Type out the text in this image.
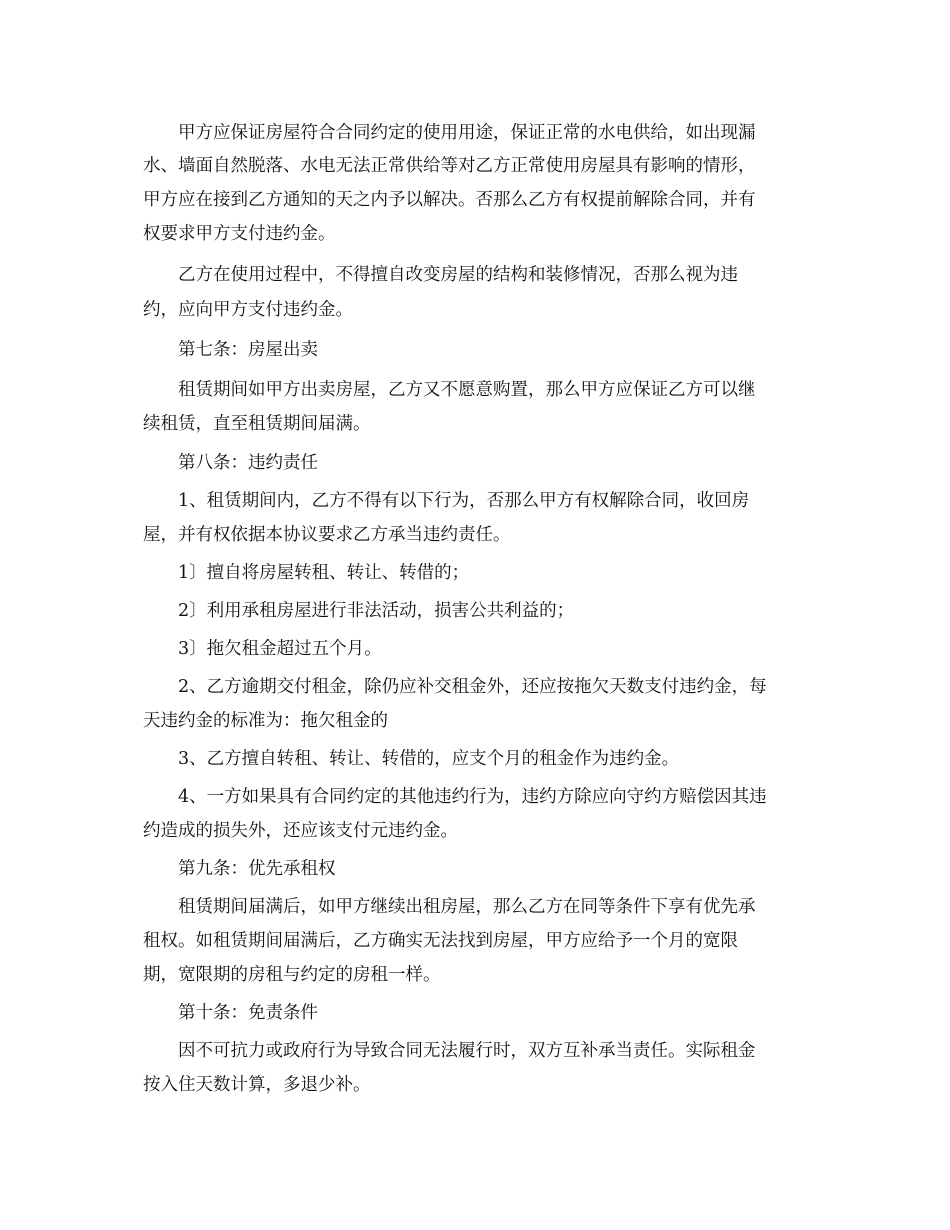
甲方应保证房屋符合合同约定的使用用途，保证正常的水电供给，如出现漏
水、墙面自然脱落、水电无法正常供给等对乙方正常使用房屋具有影响的情形，
甲方应在接到乙方通知的天之内予以解决。否那么乙方有权提前解除合同，并有
权要求甲方支付违约金。
乙方在使用过程中，不得擅自改变房屋的结构和装修情况，否那么视为违
约，应向甲方支付违约金。
第七条：房屋出卖
租赁期间如甲方出卖房屋，乙方又不愿意购置，那么甲方应保证乙方可以继
续租赁，直至租赁期间届满。
第八条：违约责任
1、租赁期间内，乙方不得有以下行为，否那么甲方有权解除合同，收回房
屋，并有权依据本协议要求乙方承当违约责任。
1〕擅自将房屋转租、转让、转借的；
2〕利用承租房屋进行非法活动，损害公共利益的；
3〕拖欠租金超过五个月。
2、乙方逾期交付租金，除仍应补交租金外，还应按拖欠天数支付违约金，每
天违约金的标准为：拖欠租金的
3、乙方擅自转租、转让、转借的，应支个月的租金作为违约金。
4、一方如果具有合同约定的其他违约行为，违约方除应向守约方赔偿因其违
约造成的损失外，还应该支付元违约金。
第九条：优先承租权
租赁期间届满后，如甲方继续出租房屋，那么乙方在同等条件下享有优先承
租权。如租赁期间届满后，乙方确实无法找到房屋，甲方应给予一个月的宽限
期，宽限期的房租与约定的房租一样。
第十条：免责条件
因不可抗力或政府行为导致合同无法履行时，双方互补承当责任。实际租金
按入住天数计算，多退少补。
